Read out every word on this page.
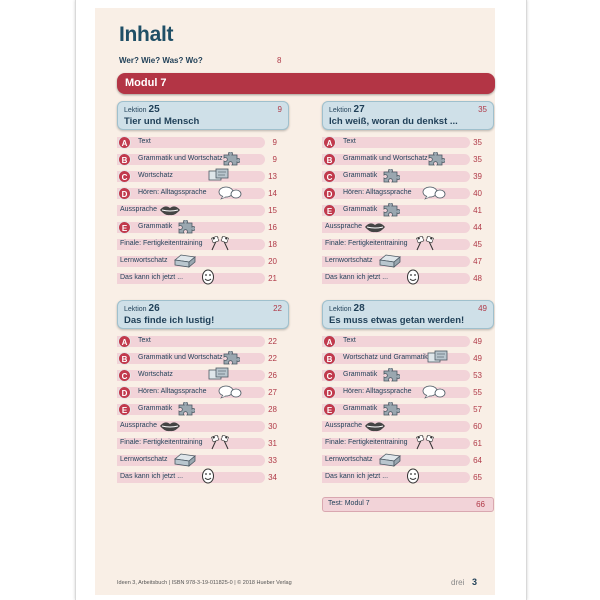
Inhalt
Wer? Wie? Was? Wo?	8
Modul 7
Lektion 25	9
Tier und Mensch
A	Text	9
B	Grammatik und Wortschatz	9
C	Wortschatz	13
D	Hören: Alltagssprache	14
Aussprache	15
E	Grammatik	16
Finale: Fertigkeitentraining	18
Lernwortschatz	20
Das kann ich jetzt ...	21
Lektion 27	35
Ich weiß, woran du denkst ...
A	Text	35
B	Grammatik und Wortschatz	35
C	Grammatik	39
D	Hören: Alltagssprache	40
E	Grammatik	41
Aussprache	44
Finale: Fertigkeitentraining	45
Lernwortschatz	47
Das kann ich jetzt ...	48
Lektion 26	22
Das finde ich lustig!
A	Text	22
B	Grammatik und Wortschatz	22
C	Wortschatz	26
D	Hören: Alltagssprache	27
E	Grammatik	28
Aussprache	30
Finale: Fertigkeitentraining	31
Lernwortschatz	33
Das kann ich jetzt ...	34
Lektion 28	49
Es muss etwas getan werden!
A	Text	49
B	Wortschatz und Grammatik	49
C	Grammatik	53
D	Hören: Alltagssprache	55
E	Grammatik	57
Aussprache	60
Finale: Fertigkeitentraining	61
Lernwortschatz	64
Das kann ich jetzt ...	65
Test: Modul 7	66
Ideen 3, Arbeitsbuch | ISBN 978-3-19-011825-0 | © 2018 Hueber Verlag	drei 3
